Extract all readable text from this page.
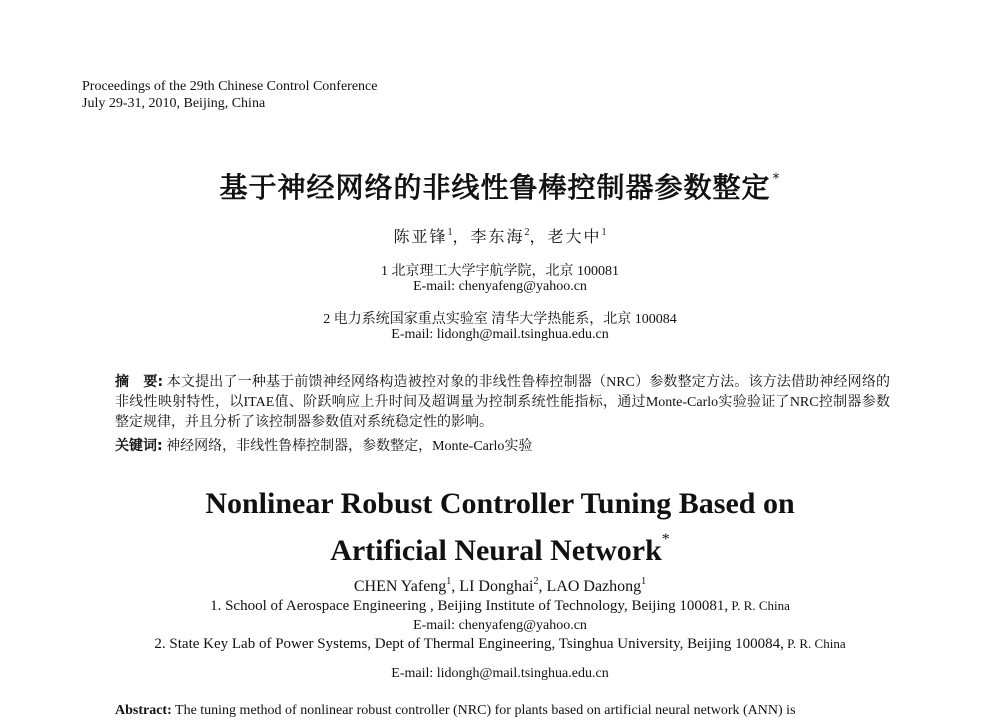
Proceedings of the 29th Chinese Control Conference
July 29-31, 2010, Beijing, China
基于神经网络的非线性鲁棒控制器参数整定 *
陈亚锋$^1$，李东海$^2$，老大中$^1$
1 北京理工大学宇航学院，北京 100081
E-mail: chenyafeng@yahoo.cn
2 电力系统国家重点实验室 清华大学热能系，北京 100084
E-mail: lidongh@mail.tsinghua.edu.cn
摘　要: 本文提出了一种基于前馈神经网络构造被控对象的非线性鲁棒控制器（NRC）参数整定方法。该方法借助神经网络的非线性映射特性，以ITAE值、阶跃响应上升时间及超调量为控制系统性能指标，通过Monte-Carlo实验验证了NRC控制器参数整定规律，并且分析了该控制器参数值对系统稳定性的影响。
关键词: 神经网络，非线性鲁棒控制器，参数整定，Monte-Carlo实验
Nonlinear Robust Controller Tuning Based on
Artificial Neural Network*
CHEN Yafeng$^1$, LI Donghai$^2$, LAO Dazhong$^1$
1. School of Aerospace Engineering , Beijing Institute of Technology, Beijing 100081, P. R. China
E-mail: chenyafeng@yahoo.cn
2. State Key Lab of Power Systems, Dept of Thermal Engineering, Tsinghua University, Beijing 100084, P. R. China
E-mail: lidongh@mail.tsinghua.edu.cn
Abstract: The tuning method of nonlinear robust controller (NRC) for plants based on artificial neural network (ANN) is
